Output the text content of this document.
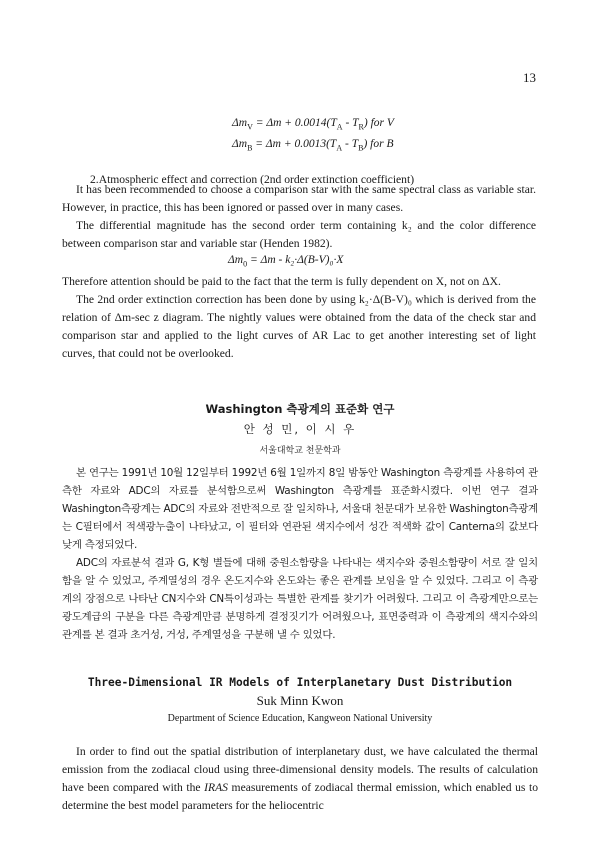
13
$\Delta m_V = \Delta m + 0.0014(T_A - T_R)$ for V
$\Delta m_B = \Delta m + 0.0013(T_A - T_B)$ for B
2.Atmospheric effect and correction (2nd order extinction coefficient)

It has been recommended to choose a comparison star with the same spectral class as variable star. However, in practice, this has been ignored or passed over in many cases.

The differential magnitude has the second order term containing k₂ and the color difference between comparison star and variable star (Henden 1982).

$\Delta m_0 = \Delta m - k_2\cdot\Delta(B-V)_0\cdot X$

Therefore attention should be paid to the fact that the term is fully dependent on X, not on ΔX.

The 2nd order extinction correction has been done by using k₂·Δ(B-V)₀ which is derived from the relation of Δm-sec z diagram. The nightly values were obtained from the data of the check star and comparison star and applied to the light curves of AR Lac to get another interesting set of light curves, that could not be overlooked.

Washington 측광계의 표준화 연구
안 성 민, 이 시 우
서울대학교 천문학과

본 연구는 1991년 10월 12일부터 1992년 6월 1일까지 8일 밤동안 Washington 측광계를 사용하여 관측한 자료와 ADC의 자료를 분석함으로써 Washington 측광계를 표준화시켰다. 이번 연구 결과 Washington측광계는 ADC의 자료와 전반적으로 잘 일치하나, 서울대 천문대가 보유한 Washington측광계는 C필터에서 적색광누출이 나타났고, 이 필터와 연관된 색지수에서 성간 적색화 값이 Canterna의 값보다 낮게 측정되었다.

ADC의 자료분석 결과 G, K형 별들에 대해 중원소함량을 나타내는 색지수와 중원소함량이 서로 잘 일치함을 알 수 있었고, 주계열성의 경우 온도지수와 온도와는 좋은 관계를 보임을 알 수 있었다. 그리고 이 측광계의 장점으로 나타난 CN지수와 CN특이성과는 특별한 관계를 찾기가 어려웠다. 그리고 이 측광계만으로는 광도계급의 구분을 다른 측광계만큼 분명하게 결정짓기가 어려웠으나, 표면중력과 이 측광계의 색지수와의 관계를 본 결과 초거성, 거성, 주계열성을 구분해 낼 수 있었다.

Three-Dimensional IR Models of Interplanetary Dust Distribution
Suk Minn Kwon
Department of Science Education, Kangweon National University

In order to find out the spatial distribution of interplanetary dust, we have calculated the thermal emission from the zodiacal cloud using three-dimensional density models. The results of calculation have been compared with the IRAS measurements of zodiacal thermal emission, which enabled us to determine the best model parameters for the heliocentric
